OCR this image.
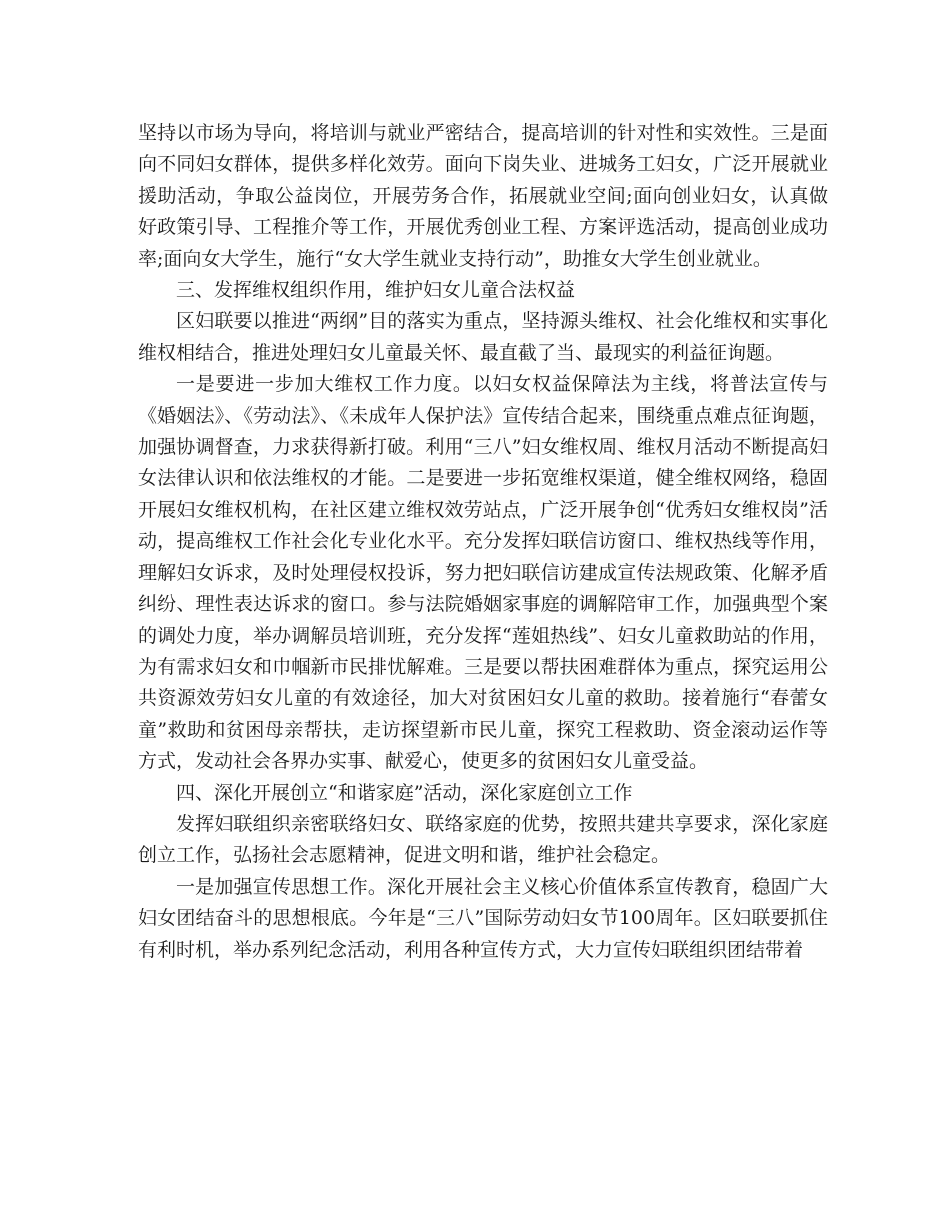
坚持以市场为导向，将培训与就业严密结合，提高培训的针对性和实效性。三是面向不同妇女群体，提供多样化效劳。面向下岗失业、进城务工妇女，广泛开展就业援助活动，争取公益岗位，开展劳务合作，拓展就业空间;面向创业妇女，认真做好政策引导、工程推介等工作，开展优秀创业工程、方案评选活动，提高创业成功率;面向女大学生，施行“女大学生就业支持行动”，助推女大学生创业就业。

三、发挥维权组织作用，维护妇女儿童合法权益

区妇联要以推进“两纲”目的落实为重点，坚持源头维权、社会化维权和实事化维权相结合，推进处理妇女儿童最关怀、最直截了当、最现实的利益征询题。

一是要进一步加大维权工作力度。以妇女权益保障法为主线，将普法宣传与《婚姻法》、《劳动法》、《未成年人保护法》宣传结合起来，围绕重点难点征询题，加强协调督查，力求获得新打破。利用“三八”妇女维权周、维权月活动不断提高妇女法律认识和依法维权的才能。二是要进一步拓宽维权渠道，健全维权网络，稳固开展妇女维权机构，在社区建立维权效劳站点，广泛开展争创“优秀妇女维权岗”活动，提高维权工作社会化专业化水平。充分发挥妇联信访窗口、维权热线等作用，理解妇女诉求，及时处理侵权投诉，努力把妇联信访建成宣传法规政策、化解矛盾纠纷、理性表达诉求的窗口。参与法院婚姻家事庭的调解陪审工作，加强典型个案的调处力度，举办调解员培训班，充分发挥“莲姐热线”、妇女儿童救助站的作用，为有需求妇女和巾帼新市民排忧解难。三是要以帮扶困难群体为重点，探究运用公共资源效劳妇女儿童的有效途径，加大对贫困妇女儿童的救助。接着施行“春蕾女童”救助和贫困母亲帮扶，走访探望新市民儿童，探究工程救助、资金滚动运作等方式，发动社会各界办实事、献爱心，使更多的贫困妇女儿童受益。

四、深化开展创立“和谐家庭”活动，深化家庭创立工作

发挥妇联组织亲密联络妇女、联络家庭的优势，按照共建共享要求，深化家庭创立工作，弘扬社会志愿精神，促进文明和谐，维护社会稳定。

一是加强宣传思想工作。深化开展社会主义核心价值体系宣传教育，稳固广大妇女团结奋斗的思想根底。今年是“三八”国际劳动妇女节100周年。区妇联要抓住有利时机，举办系列纪念活动，利用各种宣传方式，大力宣传妇联组织团结带着
